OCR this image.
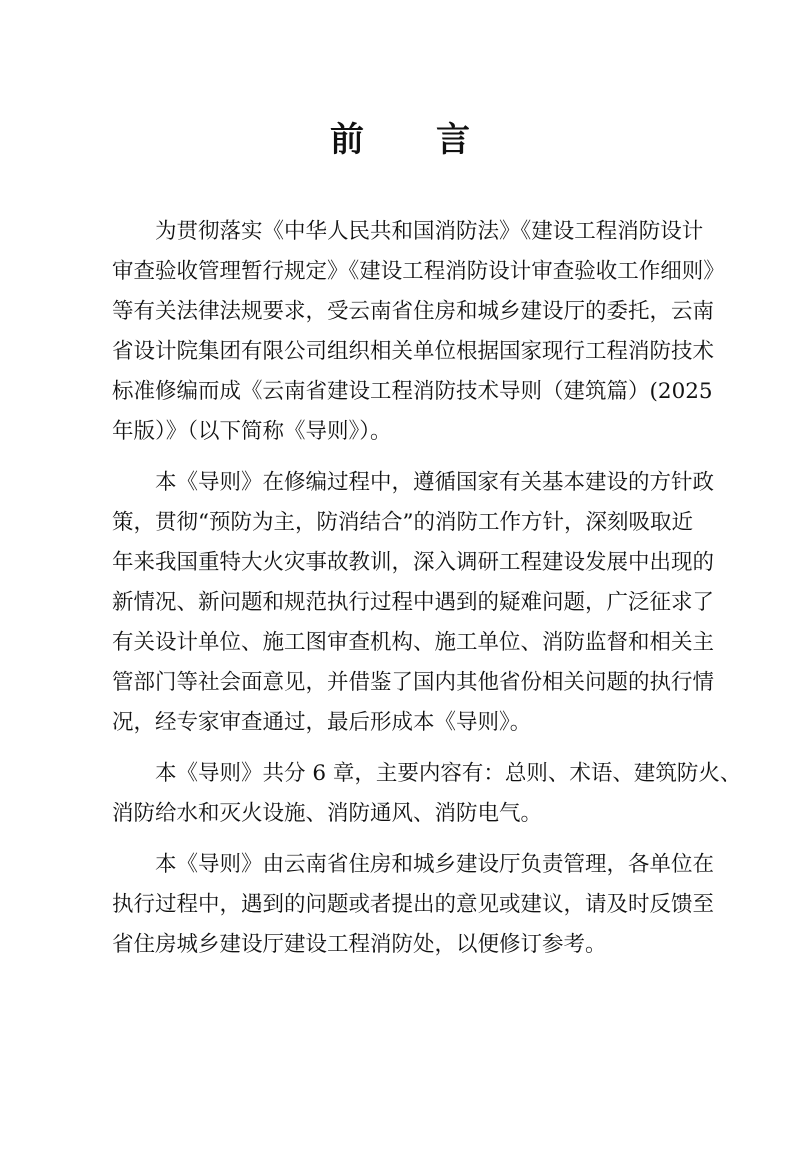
前 言
为贯彻落实《中华人民共和国消防法》《建设工程消防设计
审查验收管理暂行规定》《建设工程消防设计审查验收工作细则》
等有关法律法规要求，受云南省住房和城乡建设厅的委托，云南
省设计院集团有限公司组织相关单位根据国家现行工程消防技术
标准修编而成《云南省建设工程消防技术导则（建筑篇）(2025
年版）》（以下简称《导则》）。
本《导则》在修编过程中，遵循国家有关基本建设的方针政
策，贯彻“预防为主，防消结合”的消防工作方针，深刻吸取近
年来我国重特大火灾事故教训，深入调研工程建设发展中出现的
新情况、新问题和规范执行过程中遇到的疑难问题，广泛征求了
有关设计单位、施工图审查机构、施工单位、消防监督和相关主
管部门等社会面意见，并借鉴了国内其他省份相关问题的执行情
况，经专家审查通过，最后形成本《导则》。
本《导则》共分 6 章，主要内容有：总则、术语、建筑防火、
消防给水和灭火设施、消防通风、消防电气。
本《导则》由云南省住房和城乡建设厅负责管理，各单位在
执行过程中，遇到的问题或者提出的意见或建议，请及时反馈至
省住房城乡建设厅建设工程消防处，以便修订参考。
